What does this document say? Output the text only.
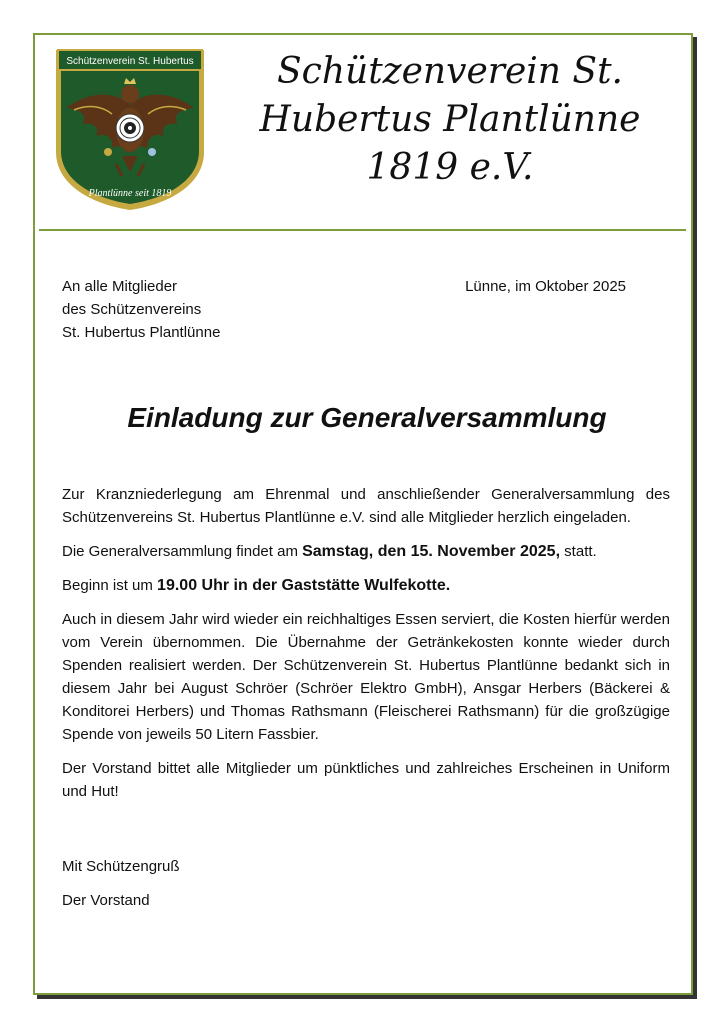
Schützenverein St. Hubertus
Plantlünne seit 1819
Schützenverein St.
Hubertus Plantlünne
1819 e.V.
An alle Mitglieder
des Schützenvereins
St. Hubertus Plantlünne
Lünne, im Oktober 2025
Einladung zur Generalversammlung

Zur Kranzniederlegung am Ehrenmal und anschließender Generalversammlung des Schützenvereins St. Hubertus Plantlünne e.V. sind alle Mitglieder herzlich eingeladen.

Die Generalversammlung findet am Samstag, den 15. November 2025, statt.

Beginn ist um 19.00 Uhr in der Gaststätte Wulfekotte.

Auch in diesem Jahr wird wieder ein reichhaltiges Essen serviert, die Kosten hierfür werden vom Verein übernommen. Die Übernahme der Getränkekosten konnte wieder durch Spenden realisiert werden. Der Schützenverein St. Hubertus Plantlünne bedankt sich in diesem Jahr bei August Schröer (Schröer Elektro GmbH), Ansgar Herbers (Bäckerei & Konditorei Herbers) und Thomas Rathsmann (Fleischerei Rathsmann) für die großzügige Spende von jeweils 50 Litern Fassbier.

Der Vorstand bittet alle Mitglieder um pünktliches und zahlreiches Erscheinen in Uniform und Hut!

Mit Schützengruß
Der Vorstand
